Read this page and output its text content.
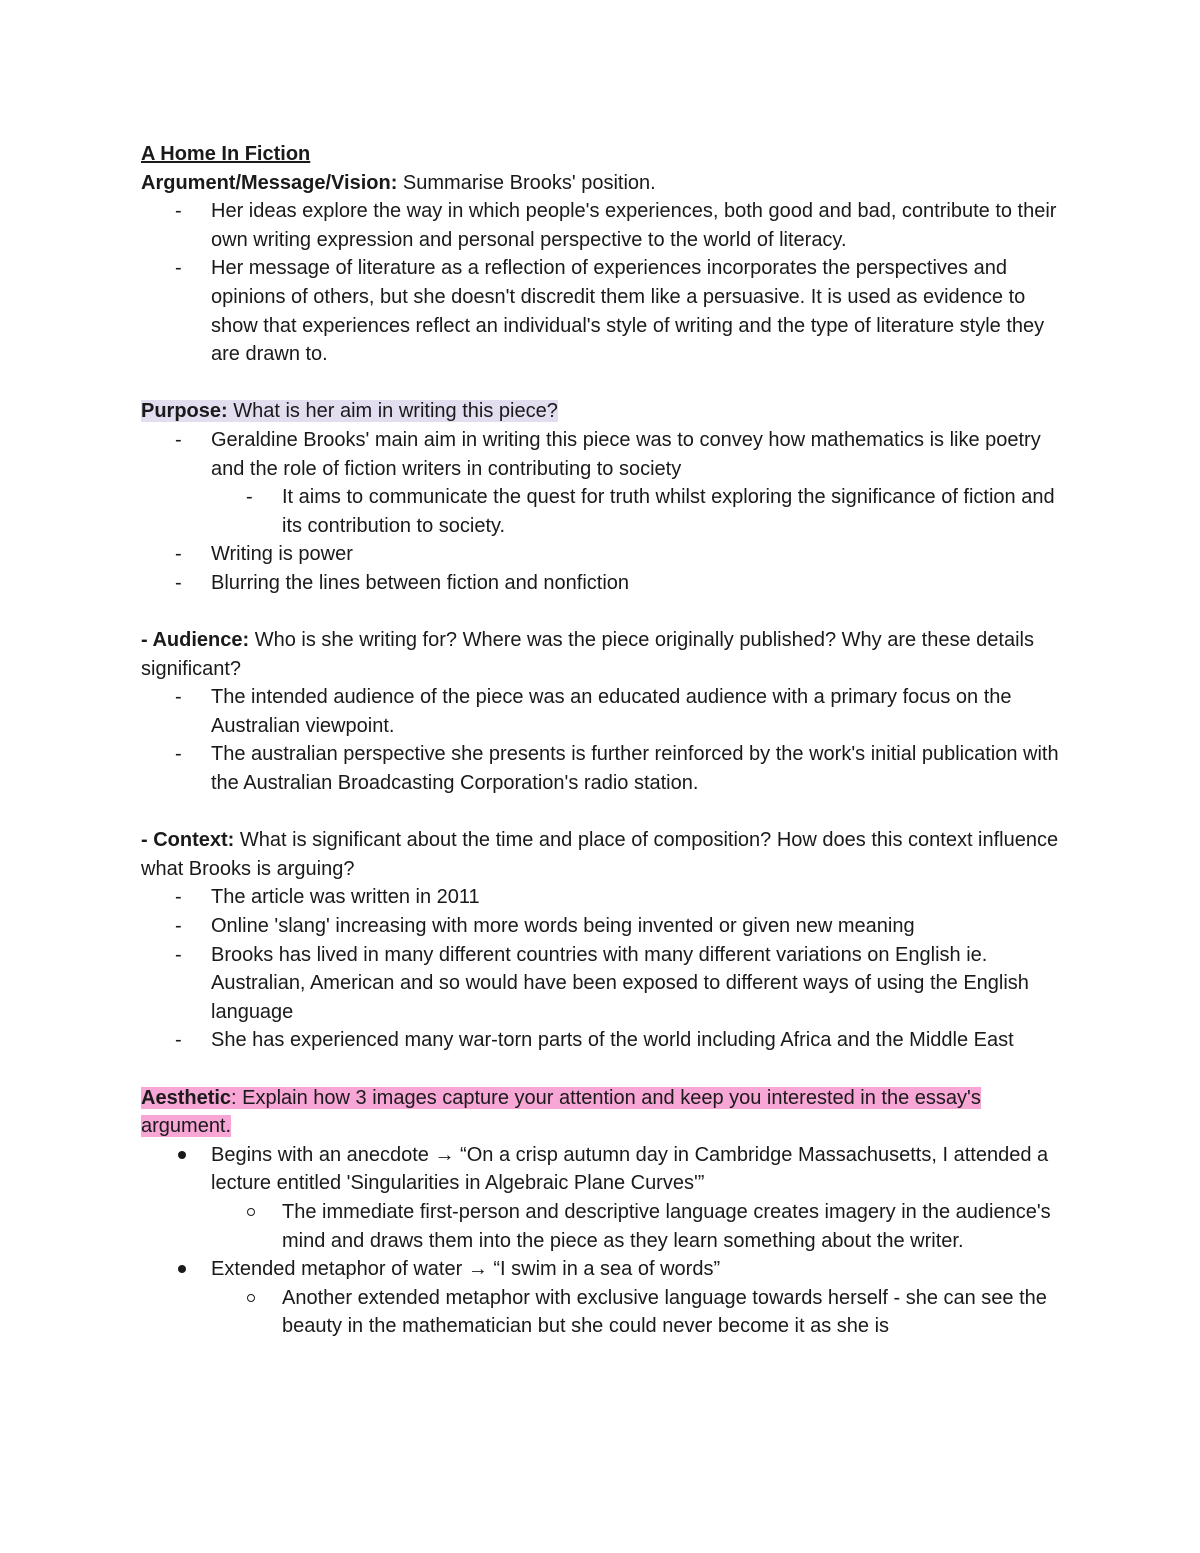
A Home In Fiction

Argument/Message/Vision: Summarise Brooks' position.

- Her ideas explore the way in which people's experiences, both good and bad, contribute to their own writing expression and personal perspective to the world of literacy.
- Her message of literature as a reflection of experiences incorporates the perspectives and opinions of others, but she doesn't discredit them like a persuasive. It is used as evidence to show that experiences reflect an individual's style of writing and the type of literature style they are drawn to.

Purpose: What is her aim in writing this piece?

- Geraldine Brooks' main aim in writing this piece was to convey how mathematics is like poetry and the role of fiction writers in contributing to society
- It aims to communicate the quest for truth whilst exploring the significance of fiction and its contribution to society.
- Writing is power
- Blurring the lines between fiction and nonfiction

- Audience: Who is she writing for? Where was the piece originally published? Why are these details significant?

- The intended audience of the piece was an educated audience with a primary focus on the Australian viewpoint.
- The australian perspective she presents is further reinforced by the work's initial publication with the Australian Broadcasting Corporation's radio station.

- Context: What is significant about the time and place of composition? How does this context influence what Brooks is arguing?

- The article was written in 2011
- Online 'slang' increasing with more words being invented or given new meaning
- Brooks has lived in many different countries with many different variations on English ie. Australian, American and so would have been exposed to different ways of using the English language
- She has experienced many war-torn parts of the world including Africa and the Middle East

Aesthetic: Explain how 3 images capture your attention and keep you interested in the essay's argument.

Begins with an anecdote → “On a crisp autumn day in Cambridge Massachusetts, I attended a lecture entitled 'Singularities in Algebraic Plane Curves'”
The immediate first-person and descriptive language creates imagery in the audience's mind and draws them into the piece as they learn something about the writer.
Extended metaphor of water → “I swim in a sea of words”
Another extended metaphor with exclusive language towards herself - she can see the beauty in the mathematician but she could never become it as she is
